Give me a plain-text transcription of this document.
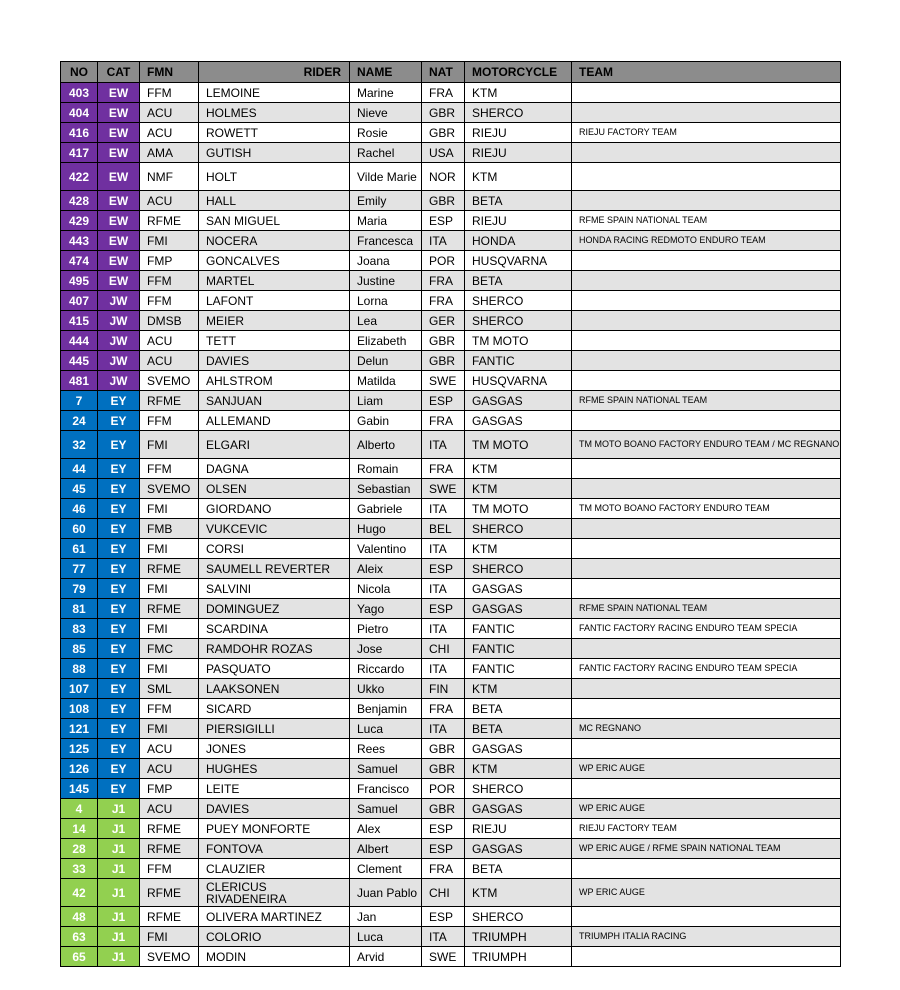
NO	CAT	FMN	RIDER	NAME	NAT	MOTORCYCLE	TEAM
403	EW	FFM	LEMOINE	Marine	FRA	KTM	
404	EW	ACU	HOLMES	Nieve	GBR	SHERCO	
416	EW	ACU	ROWETT	Rosie	GBR	RIEJU	RIEJU FACTORY TEAM
417	EW	AMA	GUTISH	Rachel	USA	RIEJU	
422	EW	NMF	HOLT	Vilde Marie	NOR	KTM	
428	EW	ACU	HALL	Emily	GBR	BETA	
429	EW	RFME	SAN MIGUEL	Maria	ESP	RIEJU	RFME SPAIN NATIONAL TEAM
443	EW	FMI	NOCERA	Francesca	ITA	HONDA	HONDA RACING REDMOTO ENDURO TEAM
474	EW	FMP	GONCALVES	Joana	POR	HUSQVARNA	
495	EW	FFM	MARTEL	Justine	FRA	BETA	
407	JW	FFM	LAFONT	Lorna	FRA	SHERCO	
415	JW	DMSB	MEIER	Lea	GER	SHERCO	
444	JW	ACU	TETT	Elizabeth	GBR	TM MOTO	
445	JW	ACU	DAVIES	Delun	GBR	FANTIC	
481	JW	SVEMO	AHLSTROM	Matilda	SWE	HUSQVARNA	
7	EY	RFME	SANJUAN	Liam	ESP	GASGAS	RFME SPAIN NATIONAL TEAM
24	EY	FFM	ALLEMAND	Gabin	FRA	GASGAS	
32	EY	FMI	ELGARI	Alberto	ITA	TM MOTO	TM MOTO BOANO FACTORY ENDURO TEAM / MC REGNANO
44	EY	FFM	DAGNA	Romain	FRA	KTM	
45	EY	SVEMO	OLSEN	Sebastian	SWE	KTM	
46	EY	FMI	GIORDANO	Gabriele	ITA	TM MOTO	TM MOTO BOANO FACTORY ENDURO TEAM
60	EY	FMB	VUKCEVIC	Hugo	BEL	SHERCO	
61	EY	FMI	CORSI	Valentino	ITA	KTM	
77	EY	RFME	SAUMELL REVERTER	Aleix	ESP	SHERCO	
79	EY	FMI	SALVINI	Nicola	ITA	GASGAS	
81	EY	RFME	DOMINGUEZ	Yago	ESP	GASGAS	RFME SPAIN NATIONAL TEAM
83	EY	FMI	SCARDINA	Pietro	ITA	FANTIC	FANTIC FACTORY RACING ENDURO TEAM SPECIA
85	EY	FMC	RAMDOHR ROZAS	Jose	CHI	FANTIC	
88	EY	FMI	PASQUATO	Riccardo	ITA	FANTIC	FANTIC FACTORY RACING ENDURO TEAM SPECIA
107	EY	SML	LAAKSONEN	Ukko	FIN	KTM	
108	EY	FFM	SICARD	Benjamin	FRA	BETA	
121	EY	FMI	PIERSIGILLI	Luca	ITA	BETA	MC REGNANO
125	EY	ACU	JONES	Rees	GBR	GASGAS	
126	EY	ACU	HUGHES	Samuel	GBR	KTM	WP ERIC AUGE
145	EY	FMP	LEITE	Francisco	POR	SHERCO	
4	J1	ACU	DAVIES	Samuel	GBR	GASGAS	WP ERIC AUGE
14	J1	RFME	PUEY MONFORTE	Alex	ESP	RIEJU	RIEJU FACTORY TEAM
28	J1	RFME	FONTOVA	Albert	ESP	GASGAS	WP ERIC AUGE / RFME SPAIN NATIONAL TEAM
33	J1	FFM	CLAUZIER	Clement	FRA	BETA	
42	J1	RFME	CLERICUS RIVADENEIRA	Juan Pablo	CHI	KTM	WP ERIC AUGE
48	J1	RFME	OLIVERA MARTINEZ	Jan	ESP	SHERCO	
63	J1	FMI	COLORIO	Luca	ITA	TRIUMPH	TRIUMPH ITALIA RACING
65	J1	SVEMO	MODIN	Arvid	SWE	TRIUMPH	
